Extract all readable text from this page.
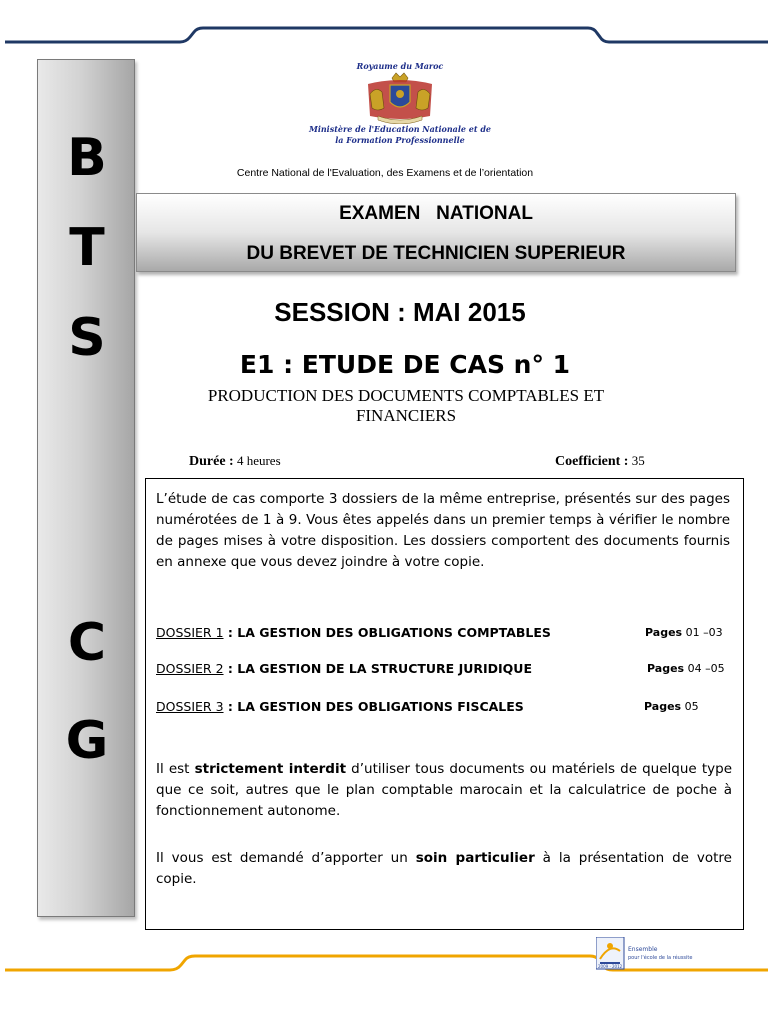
B
T
S
C
G
Royaume du Maroc
Ministère de l'Education Nationale et de
la Formation Professionnelle
Centre National de l'Evaluation, des Examens et de l’orientation
EXAMEN   NATIONAL
DU BREVET DE TECHNICIEN SUPERIEUR
SESSION : MAI 2015
E1 : ETUDE DE CAS n° 1
PRODUCTION DES DOCUMENTS COMPTABLES ET
FINANCIERS
Durée : 4 heures	Coefficient : 35
L’étude de cas comporte 3 dossiers de la même entreprise, présentés sur des pages numérotées de 1 à 9. Vous êtes appelés dans un premier temps à vérifier le nombre de pages mises à votre disposition. Les dossiers comportent des documents fournis en annexe que vous devez joindre à votre copie.
DOSSIER 1 : LA GESTION DES OBLIGATIONS COMPTABLES	Pages 01 –03
DOSSIER 2 : LA GESTION DE LA STRUCTURE JURIDIQUE	Pages 04 –05
DOSSIER 3 : LA GESTION DES OBLIGATIONS FISCALES	Pages 05
Il est strictement interdit d’utiliser tous documents ou matériels de quelque type que ce soit, autres que le plan comptable marocain et la calculatrice de poche à fonctionnement autonome.
Il vous est demandé d’apporter un soin particulier à la présentation de votre copie.
2009 · 2012
Ensemble
pour l'école de la réussite
